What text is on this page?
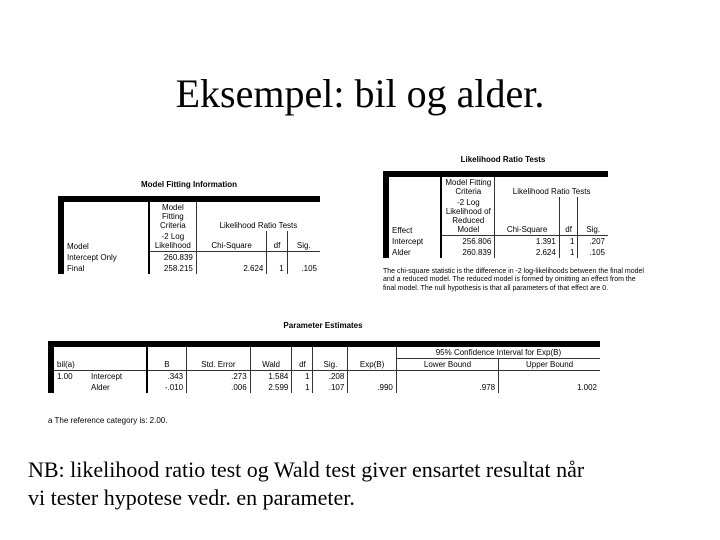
Eksempel: bil og alder.
Model Fitting Information
Model	Model Fitting Criteria	Likelihood Ratio Tests		
	-2 Log Likelihood	Chi-Square	df	Sig.
Intercept Only	260.839			
Final	258.215	2.624	1	.105
Likelihood Ratio Tests
Effect	Model Fitting Criteria	Likelihood Ratio Tests		
	-2 Log Likelihood of Reduced Model	Chi-Square	df	Sig.
Intercept	256.806	1.391	1	.207
Alder	260.839	2.624	1	.105
The chi-square statistic is the difference in -2 log-likelihoods between the final model and a reduced model. The reduced model is formed by omitting an effect from the final model. The null hypothesis is that all parameters of that effect are 0.
Parameter Estimates
bil(a)		B	Std. Error	Wald	df	Sig.	Exp(B)	95% Confidence Interval for Exp(B)	
								Lower Bound	Upper Bound
1.00	Intercept	.343	.273	1.584	1	.208			
	Alder	-.010	.006	2.599	1	.107	.990	.978	1.002
a The reference category is: 2.00.
NB: likelihood ratio test og Wald test giver ensartet resultat når
vi tester hypotese vedr. en parameter.
